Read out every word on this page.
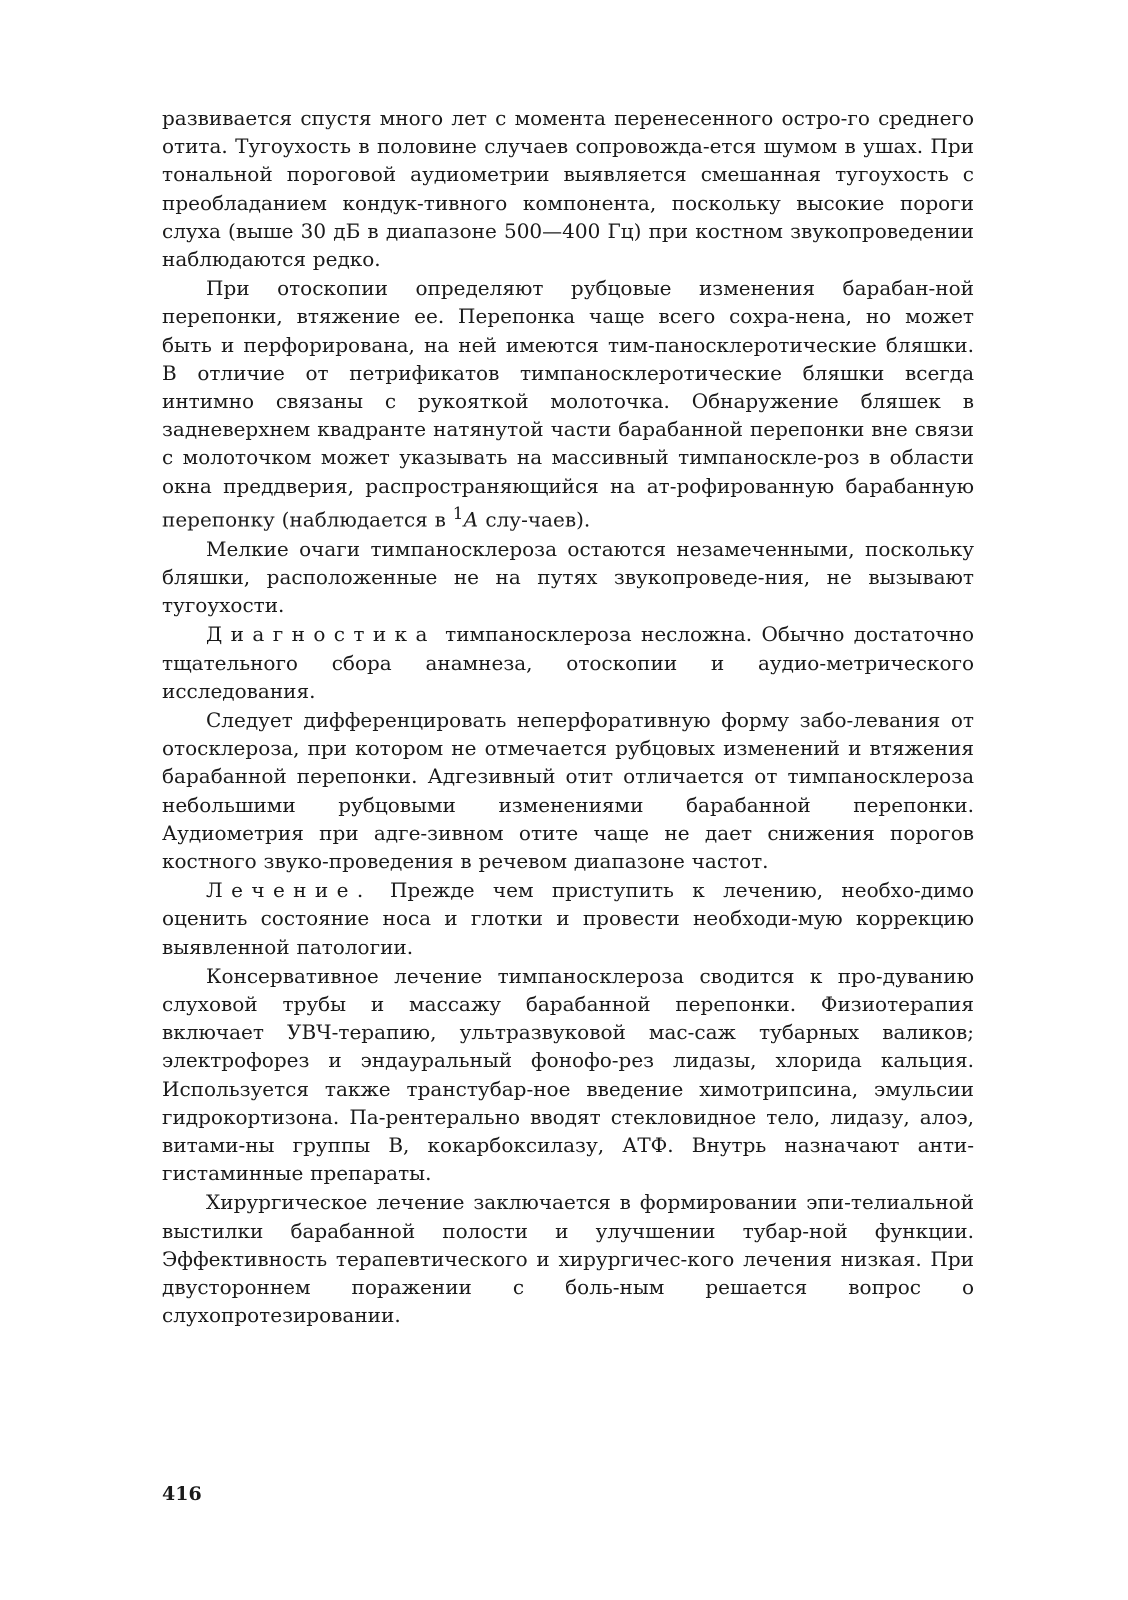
развивается спустя много лет с момента перенесенного остро-го среднего отита. Тугоухость в половине случаев сопровожда-ется шумом в ушах. При тональной пороговой аудиометрии выявляется смешанная тугоухость с преобладанием кондук-тивного компонента, поскольку высокие пороги слуха (выше 30 дБ в диапазоне 500—400 Гц) при костном звукопроведении наблюдаются редко.

При отоскопии определяют рубцовые изменения барабан-ной перепонки, втяжение ее. Перепонка чаще всего сохра-нена, но может быть и перфорирована, на ней имеются тим-паносклеротические бляшки. В отличие от петрификатов тимпаносклеротические бляшки всегда интимно связаны с рукояткой молоточка. Обнаружение бляшек в задневерхнем квадранте натянутой части барабанной перепонки вне связи с молоточком может указывать на массивный тимпаноскле-роз в области окна преддверия, распространяющийся на ат-рофированную барабанную перепонку (наблюдается в $^1$А слу-чаев).

Мелкие очаги тимпаносклероза остаются незамеченными, поскольку бляшки, расположенные не на путях звукопроведе-ния, не вызывают тугоухости.

Диагностика тимпаносклероза несложна. Обычно достаточно тщательного сбора анамнеза, отоскопии и аудио-метрического исследования.

Следует дифференцировать неперфоративную форму забо-левания от отосклероза, при котором не отмечается рубцовых изменений и втяжения барабанной перепонки. Адгезивный отит отличается от тимпаносклероза небольшими рубцовыми изменениями барабанной перепонки. Аудиометрия при адге-зивном отите чаще не дает снижения порогов костного звуко-проведения в речевом диапазоне частот.

Лечение. Прежде чем приступить к лечению, необхо-димо оценить состояние носа и глотки и провести необходи-мую коррекцию выявленной патологии.

Консервативное лечение тимпаносклероза сводится к про-дуванию слуховой трубы и массажу барабанной перепонки. Физиотерапия включает УВЧ-терапию, ультразвуковой мас-саж тубарных валиков; электрофорез и эндауральный фонофо-рез лидазы, хлорида кальция. Используется также транстубар-ное введение химотрипсина, эмульсии гидрокортизона. Па-рентерально вводят стекловидное тело, лидазу, алоэ, витами-ны группы В, кокарбоксилазу, АТФ. Внутрь назначают анти-гистаминные препараты.

Хирургическое лечение заключается в формировании эпи-телиальной выстилки барабанной полости и улучшении тубар-ной функции. Эффективность терапевтического и хирургичес-кого лечения низкая. При двустороннем поражении с боль-ным решается вопрос о слухопротезировании.

416
